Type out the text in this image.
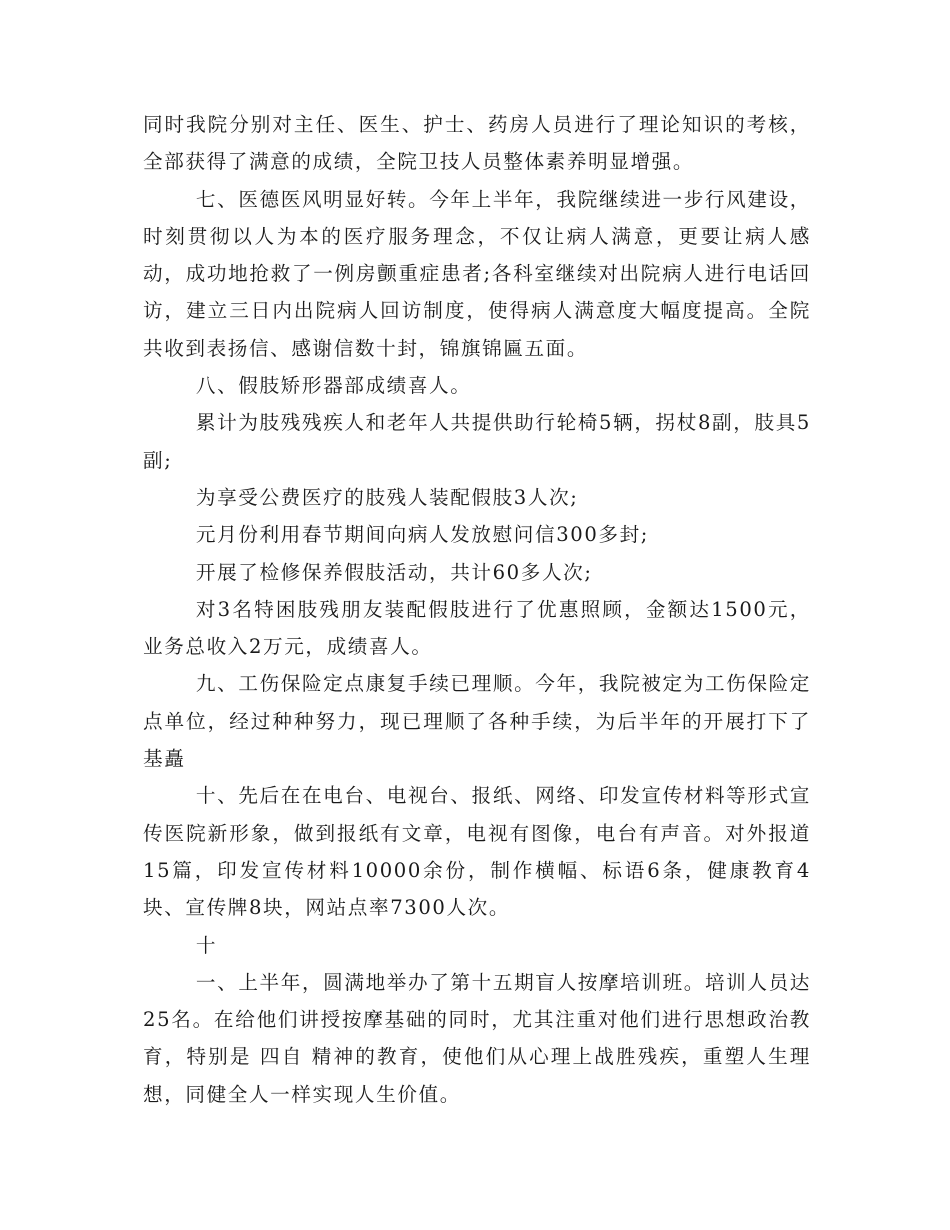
同时我院分别对主任、医生、护士、药房人员进行了理论知识的考核，全部获得了满意的成绩，全院卫技人员整体素养明显增强。

七、医德医风明显好转。今年上半年，我院继续进一步行风建设，时刻贯彻以人为本的医疗服务理念，不仅让病人满意，更要让病人感动，成功地抢救了一例房颤重症患者;各科室继续对出院病人进行电话回访，建立三日内出院病人回访制度，使得病人满意度大幅度提高。全院共收到表扬信、感谢信数十封，锦旗锦匾五面。

八、假肢矫形器部成绩喜人。

累计为肢残残疾人和老年人共提供助行轮椅5辆，拐杖8副，肢具5副;

为享受公费医疗的肢残人装配假肢3人次;

元月份利用春节期间向病人发放慰问信300多封;

开展了检修保养假肢活动，共计60多人次;

对3名特困肢残朋友装配假肢进行了优惠照顾，金额达1500元，业务总收入2万元，成绩喜人。

九、工伤保险定点康复手续已理顺。今年，我院被定为工伤保险定点单位，经过种种努力，现已理顺了各种手续，为后半年的开展打下了基矗

十、先后在在电台、电视台、报纸、网络、印发宣传材料等形式宣传医院新形象，做到报纸有文章，电视有图像，电台有声音。对外报道15篇，印发宣传材料10000余份，制作横幅、标语6条，健康教育4块、宣传牌8块，网站点率7300人次。

十

一、上半年，圆满地举办了第十五期盲人按摩培训班。培训人员达25名。在给他们讲授按摩基础的同时，尤其注重对他们进行思想政治教育，特别是 四自 精神的教育，使他们从心理上战胜残疾，重塑人生理想，同健全人一样实现人生价值。
